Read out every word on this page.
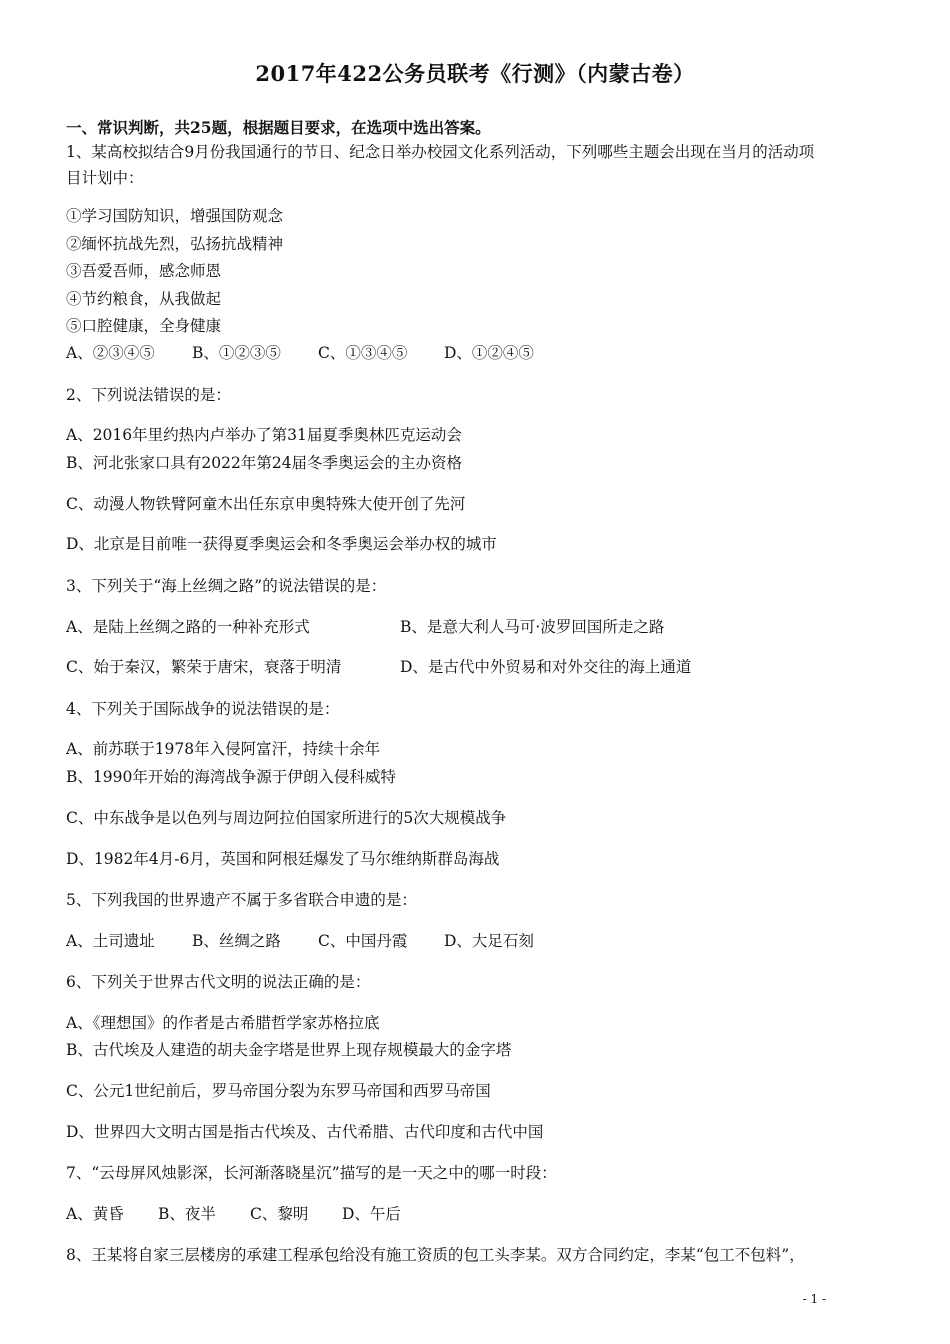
2017年422公务员联考《行测》（内蒙古卷）
一、常识判断，共25题，根据题目要求，在选项中选出答案。
1、某高校拟结合9月份我国通行的节日、纪念日举办校园文化系列活动，下列哪些主题会出现在当月的活动项
目计划中：
①学习国防知识，增强国防观念
②缅怀抗战先烈，弘扬抗战精神
③吾爱吾师，感念师恩
④节约粮食，从我做起
⑤口腔健康，全身健康
A、②③④⑤ B、①②③⑤ C、①③④⑤ D、①②④⑤
2、下列说法错误的是：
A、2016年里约热内卢举办了第31届夏季奥林匹克运动会
B、河北张家口具有2022年第24届冬季奥运会的主办资格
C、动漫人物铁臂阿童木出任东京申奥特殊大使开创了先河
D、北京是目前唯一获得夏季奥运会和冬季奥运会举办权的城市
3、下列关于“海上丝绸之路”的说法错误的是：
A、是陆上丝绸之路的一种补充形式	B、是意大利人马可·波罗回国所走之路
C、始于秦汉，繁荣于唐宋，衰落于明清	D、是古代中外贸易和对外交往的海上通道
4、下列关于国际战争的说法错误的是：
A、前苏联于1978年入侵阿富汗，持续十余年
B、1990年开始的海湾战争源于伊朗入侵科威特
C、中东战争是以色列与周边阿拉伯国家所进行的5次大规模战争
D、1982年4月-6月，英国和阿根廷爆发了马尔维纳斯群岛海战
5、下列我国的世界遗产不属于多省联合申遗的是：
A、土司遗址 B、丝绸之路 C、中国丹霞 D、大足石刻
6、下列关于世界古代文明的说法正确的是：
A、《理想国》的作者是古希腊哲学家苏格拉底
B、古代埃及人建造的胡夫金字塔是世界上现存规模最大的金字塔
C、公元1世纪前后，罗马帝国分裂为东罗马帝国和西罗马帝国
D、世界四大文明古国是指古代埃及、古代希腊、古代印度和古代中国
7、“云母屏风烛影深，长河渐落晓星沉”描写的是一天之中的哪一时段：
A、黄昏 B、夜半 C、黎明 D、午后
8、王某将自家三层楼房的承建工程承包给没有施工资质的包工头李某。双方合同约定，李某“包工不包料”，
- 1 -
